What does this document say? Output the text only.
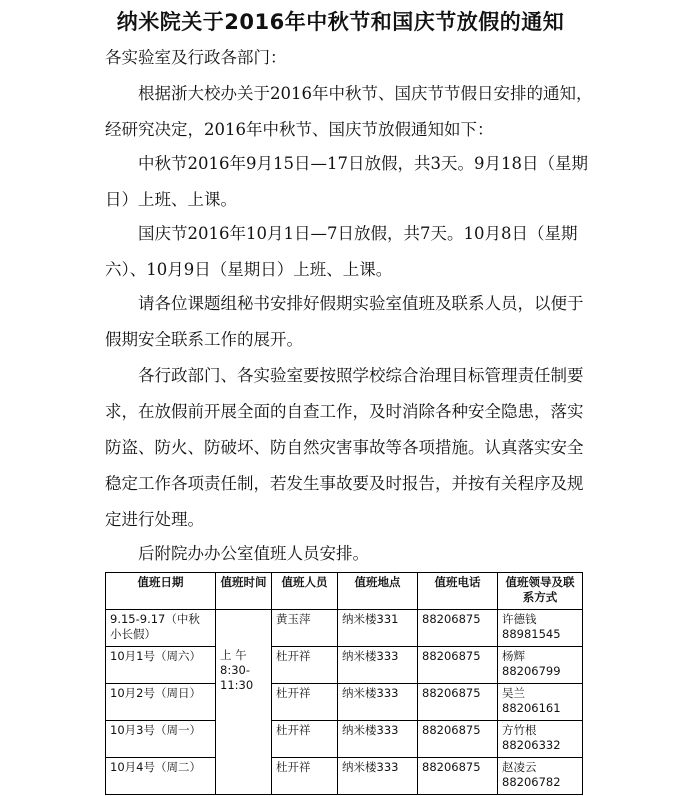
纳米院关于2016年中秋节和国庆节放假的通知

各实验室及行政各部门：

根据浙大校办关于2016年中秋节、国庆节节假日安排的通知，经研究决定，2016年中秋节、国庆节放假通知如下：

中秋节2016年9月15日—17日放假，共3天。9月18日（星期日）上班、上课。

国庆节2016年10月1日—7日放假，共7天。10月8日（星期六）、10月9日（星期日）上班、上课。

请各位课题组秘书安排好假期实验室值班及联系人员，以便于假期安全联系工作的展开。

各行政部门、各实验室要按照学校综合治理目标管理责任制要求，在放假前开展全面的自查工作，及时消除各种安全隐患，落实防盗、防火、防破坏、防自然灾害事故等各项措施。认真落实安全稳定工作各项责任制，若发生事故要及时报告，并按有关程序及规定进行处理。

后附院办办公室值班人员安排。

值班日期	值班时间	值班人员	值班地点	值班电话	值班领导及联系方式
9.15-9.17（中秋小长假）	上 午 8:30-11:30	黄玉萍	纳米楼331	88206875	许德钱
88981545

10月1号（周六）		杜开祥	纳米楼333	88206875	杨辉
88206799

10月2号（周日）		杜开祥	纳米楼333	88206875	吴兰
88206161

10月3号（周一）		杜开祥	纳米楼333	88206875	方竹根
88206332

10月4号（周二）		杜开祥	纳米楼333	88206875	赵凌云
88206782
